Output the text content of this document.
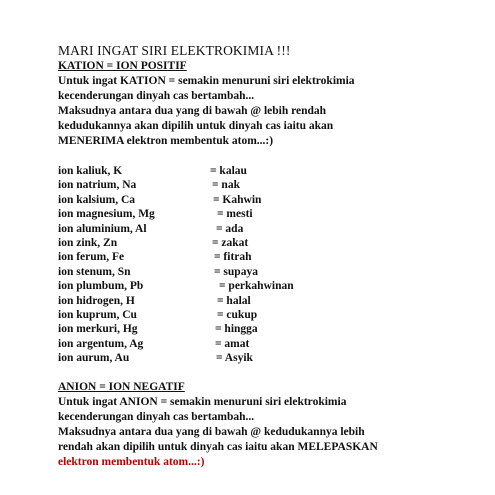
MARI INGAT SIRI ELEKTROKIMIA !!!

KATION = ION POSITIF

Untuk ingat KATION = semakin menuruni siri elektrokimia
kecenderungan dinyah cas bertambah...

Maksudnya antara dua yang di bawah @ lebih rendah
kedudukannya akan dipilih untuk dinyah cas iaitu akan
MENERIMA elektron membentuk atom...:)

ion kaliuk, K	= kalau
ion natrium, Na	= nak
ion kalsium, Ca	= Kahwin
ion magnesium, Mg	= mesti
ion aluminium, Al	= ada
ion zink, Zn	= zakat
ion ferum, Fe	= fitrah
ion stenum, Sn	= supaya
ion plumbum, Pb	= perkahwinan
ion hidrogen, H	= halal
ion kuprum, Cu	= cukup
ion merkuri, Hg	= hingga
ion argentum, Ag	= amat
ion aurum, Au	= Asyik

ANION = ION NEGATIF

Untuk ingat ANION = semakin menuruni siri elektrokimia
kecenderungan dinyah cas bertambah...

Maksudnya antara dua yang di bawah @ kedudukannya lebih
rendah akan dipilih untuk dinyah cas iaitu akan MELEPASKAN
elektron membentuk atom...:)
